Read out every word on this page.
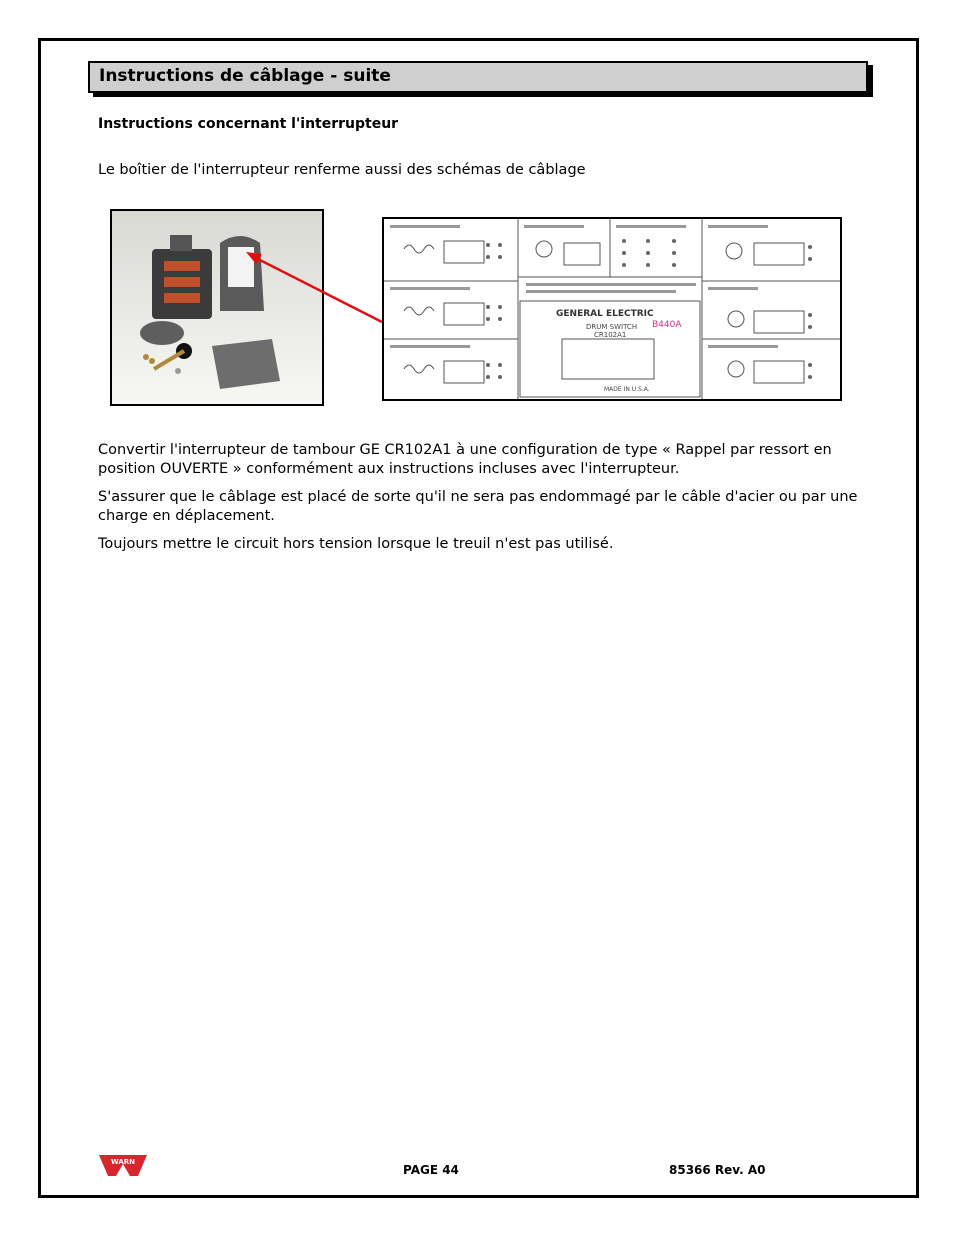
Instructions de câblage - suite
Instructions concernant l'interrupteur
Le boîtier de l'interrupteur renferme aussi des schémas de câblage
GENERAL ELECTRIC
DRUM SWITCH
CR102A1
B440A
MADE IN U.S.A.
Convertir l'interrupteur de tambour GE CR102A1 à une configuration de type « Rappel par ressort en position OUVERTE » conformément aux instructions incluses avec l'interrupteur.
S'assurer que le câblage est placé de sorte qu'il ne sera pas endommagé par le câble d'acier ou par une charge en déplacement.
Toujours mettre le circuit hors tension lorsque le treuil n'est pas utilisé.
WARN
PAGE 44	85366 Rev. A0
